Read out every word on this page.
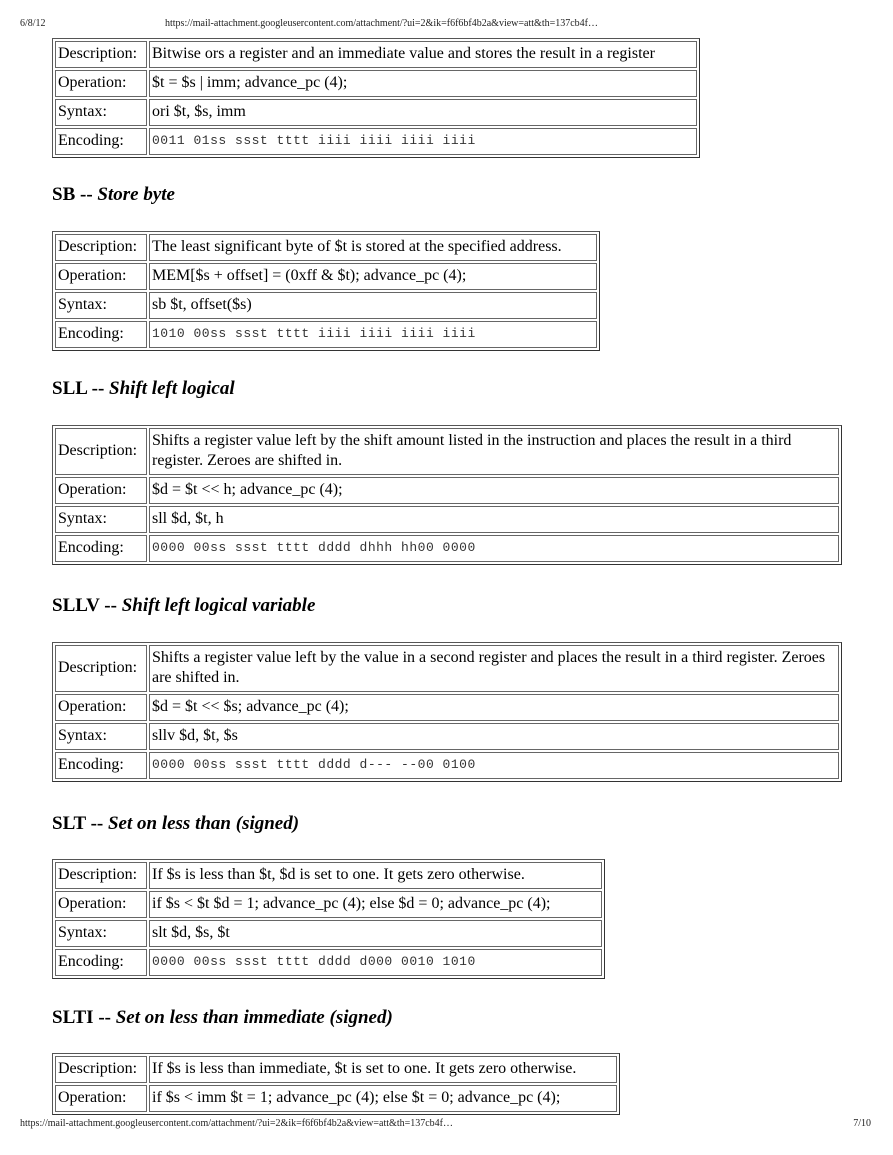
6/8/12	https://mail-attachment.googleusercontent.com/attachment/?ui=2&ik=f6f6bf4b2a&view=att&th=137cb4f…
Description:	Bitwise ors a register and an immediate value and stores the result in a register
Operation:	$t = $s | imm; advance_pc (4);
Syntax:	ori $t, $s, imm
Encoding:	0011 01ss ssst tttt iiii iiii iiii iiii
SB -- Store byte
Description:	The least significant byte of $t is stored at the specified address.
Operation:	MEM[$s + offset] = (0xff & $t); advance_pc (4);
Syntax:	sb $t, offset($s)
Encoding:	1010 00ss ssst tttt iiii iiii iiii iiii
SLL -- Shift left logical
Description:	Shifts a register value left by the shift amount listed in the instruction and places the result in a third register. Zeroes are shifted in.
Operation:	$d = $t << h; advance_pc (4);
Syntax:	sll $d, $t, h
Encoding:	0000 00ss ssst tttt dddd dhhh hh00 0000
SLLV -- Shift left logical variable
Description:	Shifts a register value left by the value in a second register and places the result in a third register. Zeroes are shifted in.
Operation:	$d = $t << $s; advance_pc (4);
Syntax:	sllv $d, $t, $s
Encoding:	0000 00ss ssst tttt dddd d--- --00 0100
SLT -- Set on less than (signed)
Description:	If $s is less than $t, $d is set to one. It gets zero otherwise.
Operation:	if $s < $t $d = 1; advance_pc (4); else $d = 0; advance_pc (4);
Syntax:	slt $d, $s, $t
Encoding:	0000 00ss ssst tttt dddd d000 0010 1010
SLTI -- Set on less than immediate (signed)
Description:	If $s is less than immediate, $t is set to one. It gets zero otherwise.
Operation:	if $s < imm $t = 1; advance_pc (4); else $t = 0; advance_pc (4);
https://mail-attachment.googleusercontent.com/attachment/?ui=2&ik=f6f6bf4b2a&view=att&th=137cb4f…	7/10
